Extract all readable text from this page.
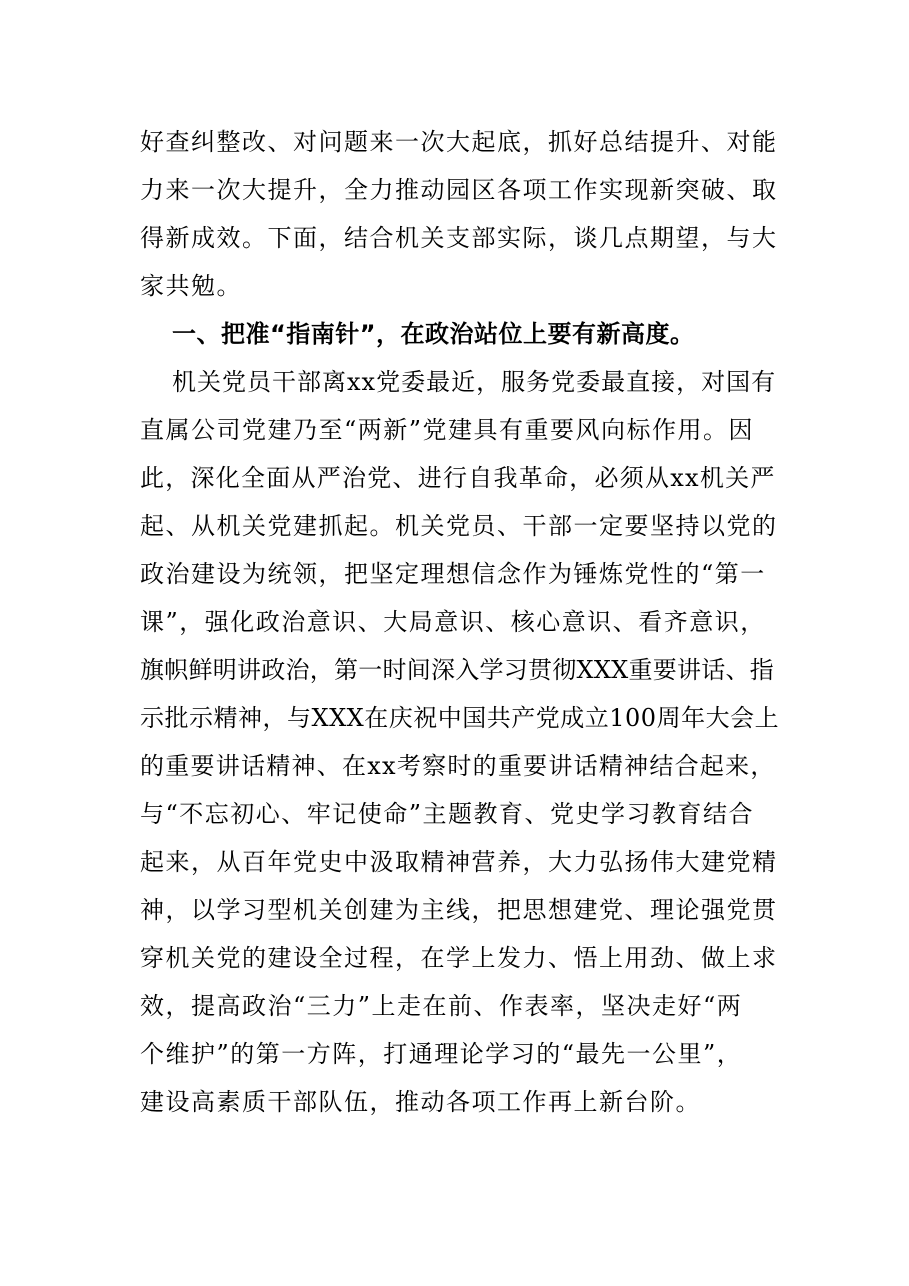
好查纠整改、对问题来一次大起底，抓好总结提升、对能
力来一次大提升，全力推动园区各项工作实现新突破、取
得新成效。下面，结合机关支部实际，谈几点期望，与大
家共勉。
一、把准“指南针”，在政治站位上要有新高度。
机关党员干部离xx党委最近，服务党委最直接，对国有
直属公司党建乃至“两新”党建具有重要风向标作用。因
此，深化全面从严治党、进行自我革命，必须从xx机关严
起、从机关党建抓起。机关党员、干部一定要坚持以党的
政治建设为统领，把坚定理想信念作为锤炼党性的“第一
课”，强化政治意识、大局意识、核心意识、看齐意识，
旗帜鲜明讲政治，第一时间深入学习贯彻XXX重要讲话、指
示批示精神，与XXX在庆祝中国共产党成立100周年大会上
的重要讲话精神、在xx考察时的重要讲话精神结合起来，
与“不忘初心、牢记使命”主题教育、党史学习教育结合
起来，从百年党史中汲取精神营养，大力弘扬伟大建党精
神，以学习型机关创建为主线，把思想建党、理论强党贯
穿机关党的建设全过程，在学上发力、悟上用劲、做上求
效，提高政治“三力”上走在前、作表率，坚决走好“两
个维护”的第一方阵，打通理论学习的“最先一公里”，
建设高素质干部队伍，推动各项工作再上新台阶。
